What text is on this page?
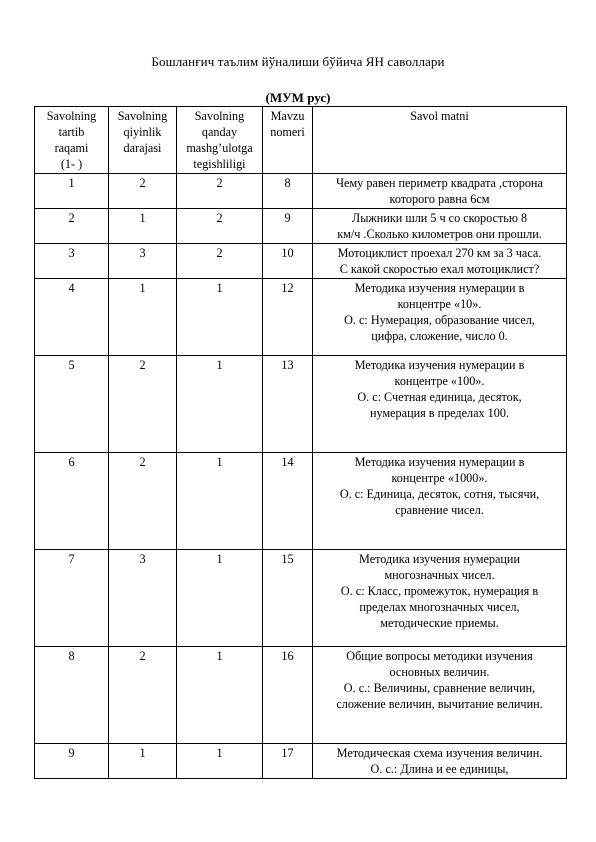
Бошланғич таълим йўналиши бўйича ЯН саволлари
(МУМ рус)
Savolning
tartib
raqami
(1- )	Savolning
qiyinlik
darajasi	Savolning
qanday
mashg’ulotga
tegishliligi	Mavzu
nomeri	Savol matni

1	2	2	8	Чему равен периметр квадрата ,сторона
которого равна 6см

2	1	2	9	Лыжники шли 5 ч со скоростью 8
км/ч .Сколько километров они прошли.

3	3	2	10	Мотоциклист проехал 270 км за 3 часа.
С какой скоростью ехал мотоциклист?

4	1	1	12	Методика изучения нумерации в
концентре «10».
О. с: Нумерация, образование чисел,
цифра, сложение, число 0.

5	2	1	13	Методика изучения нумерации в
концентре «100».
О. с: Счетная единица, десяток,
нумерация в пределах 100.

6	2	1	14	Методика изучения нумерации в
концентре «1000».
О. с: Единица, десяток, сотня, тысячи,
сравнение чисел.

7	3	1	15	Методика изучения нумерации
многозначных чисел.
О. с: Класс, промежуток, нумерация в
пределах многозначных чисел,
методические приемы.

8	2	1	16	Общие вопросы методики изучения
основных величин.
О. с.: Величины, сравнение величин,
сложение величин, вычитание величин.

9	1	1	17	Методическая схема изучения величин.
О. с.: Длина и ее единицы,
